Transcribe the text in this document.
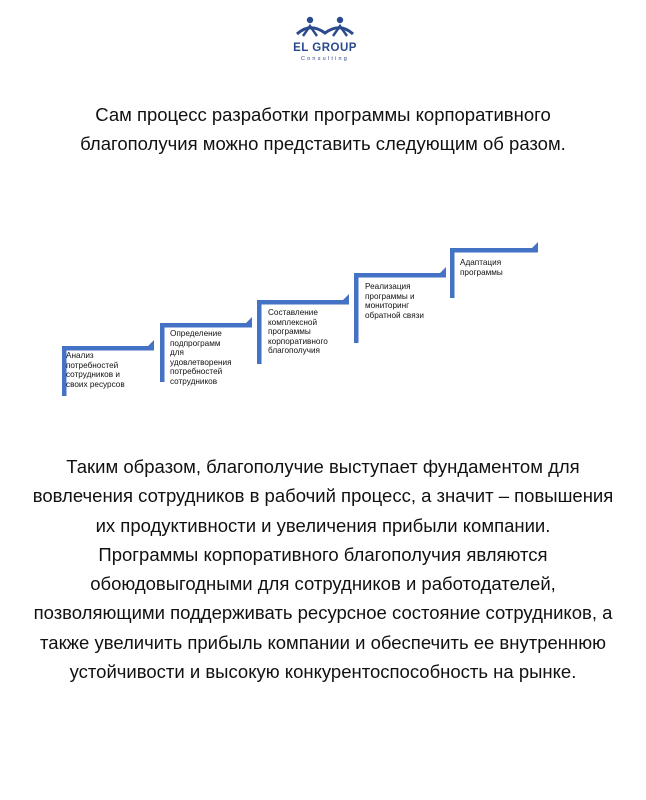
EL GROUP
Consulting

Сам процесс разработки программы корпоративного благополучия можно представить следующим об разом.

Анализ
потребностей
сотрудников и
своих ресурсов

Определение
подпрограмм
для
удовлетворения
потребностей
сотрудников

Составление
комплексной
программы
корпоративного
благополучия

Реализация
программы и
мониторинг
обратной связи

Адаптация
программы

Таким образом, благополучие выступает фундаментом для вовлечения сотрудников в рабочий процесс, а значит – повышения их продуктивности и увеличения прибыли компании.

Программы корпоративного благополучия являются обоюдовыгодными для сотрудников и работодателей, позволяющими поддерживать ресурсное состояние сотрудников, а также увеличить прибыль компании и обеспечить ее внутреннюю устойчивости и высокую конкурентоспособность на рынке.
